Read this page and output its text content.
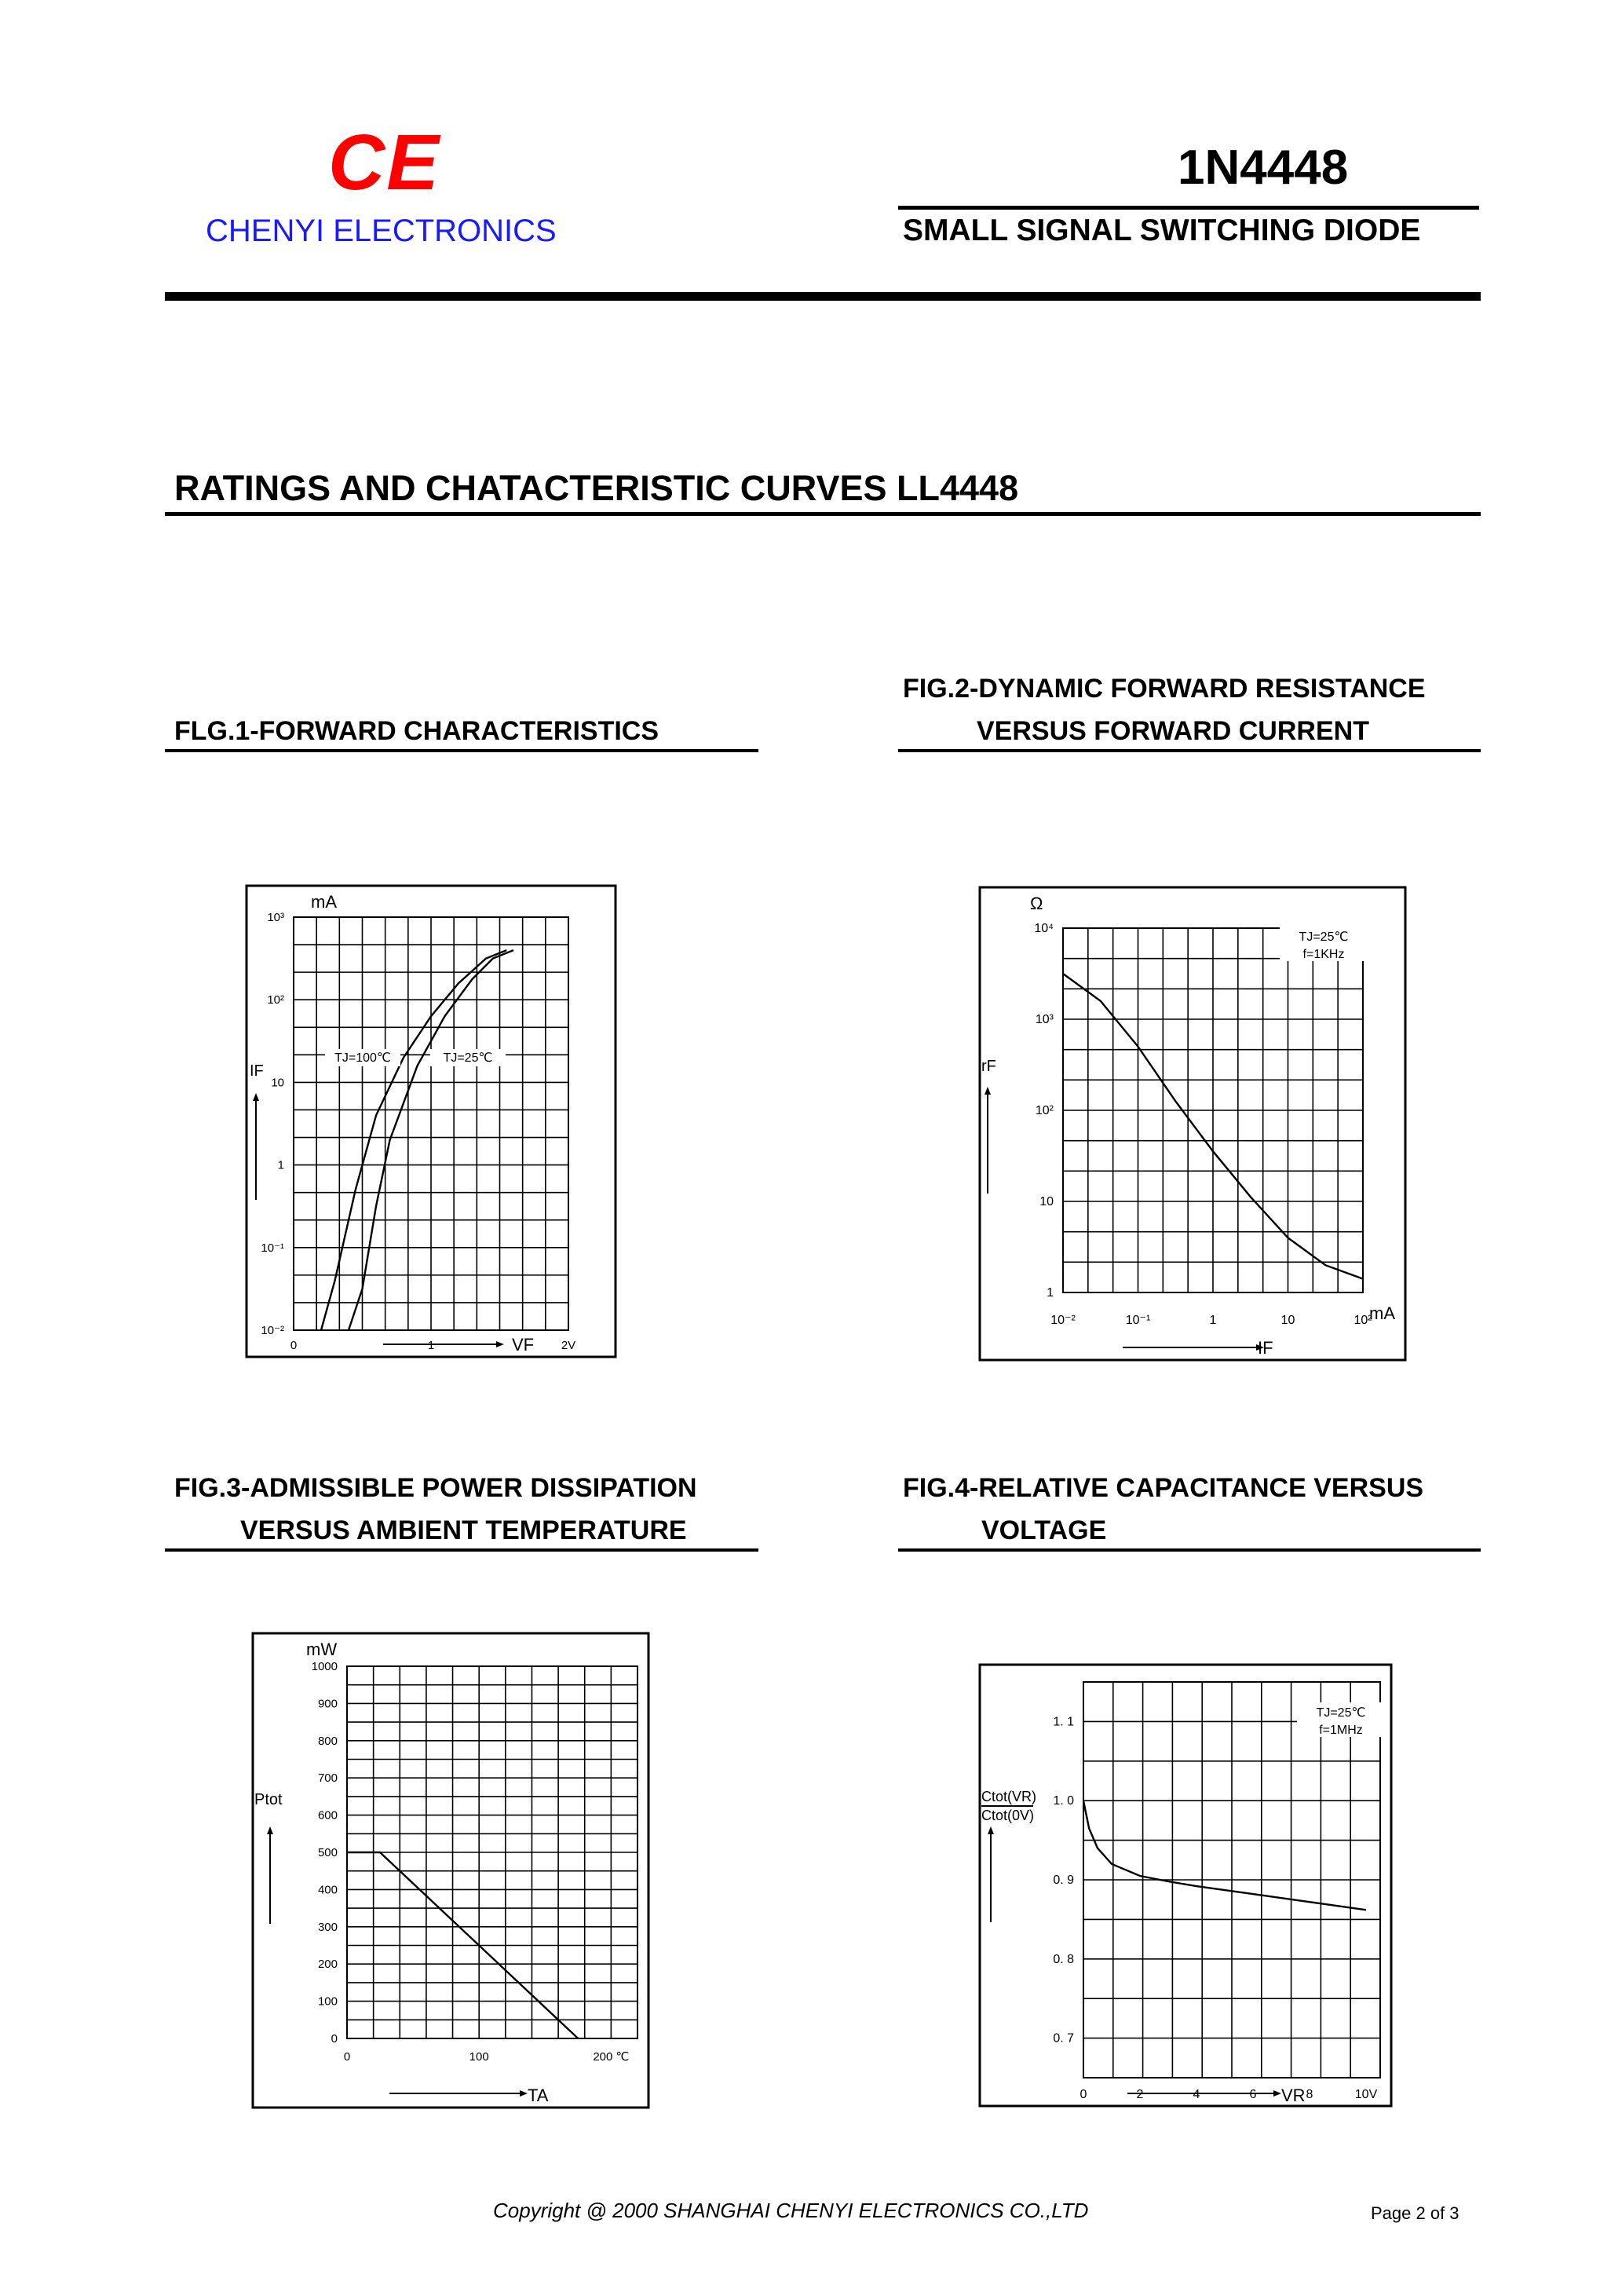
CE
CHENYI ELECTRONICS
1N4448
SMALL SIGNAL SWITCHING DIODE
RATINGS AND CHATACTERISTIC CURVES LL4448
FLG.1-FORWARD CHARACTERISTICS
FIG.2-DYNAMIC FORWARD RESISTANCE
VERSUS FORWARD CURRENT
FIG.3-ADMISSIBLE POWER DISSIPATION
VERSUS AMBIENT TEMPERATURE
FIG.4-RELATIVE CAPACITANCE VERSUS
VOLTAGE
mA
IF
VF
0	1	2V
10⁻²
10⁻¹
1
10
10²
10³
TJ=100℃	TJ=25℃
Ω
rF
mA
IF
10⁻²	10⁻¹	1	10	10²
1
10
10²
10³
10⁴
TJ=25℃
f=1KHz
mW
Ptot
TA
0	100	200 ℃
0
100
200
300
400
500
600
700
800
900
1000
Ctot(VR)
Ctot(0V)
VR
0	2	4	6	8	10V
0. 7
0. 8
0. 9
1. 0
1. 1
TJ=25℃
f=1MHz
Copyright @ 2000 SHANGHAI CHENYI ELECTRONICS CO.,LTD	Page 2 of 3
